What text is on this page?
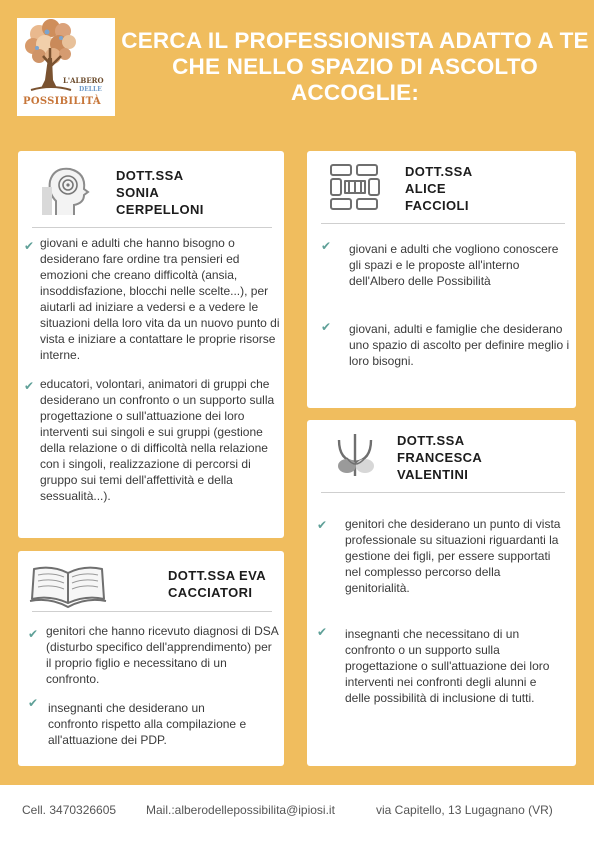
L'ALBERO
DELLE
POSSIBILITÀ
CERCA IL PROFESSIONISTA ADATTO A TE CHE NELLO SPAZIO DI ASCOLTO ACCOGLIE:
DOTT.SSA
SONIA
CERPELLONI
✔ giovani e adulti che hanno bisogno o desiderano fare ordine tra pensieri ed emozioni che creano difficoltà (ansia, insoddisfazione, blocchi nelle scelte...), per aiutarli ad iniziare a vedersi e a vedere le situazioni della loro vita da un nuovo punto di vista e iniziare a contattare le proprie risorse interne.
✔ educatori, volontari, animatori di gruppi che desiderano un confronto o un supporto sulla progettazione o sull'attuazione dei loro interventi sui singoli e sui gruppi (gestione della relazione o di difficoltà nella relazione con i singoli, realizzazione di percorsi di gruppo sui temi dell'affettività e della sessualità...).
DOTT.SSA
ALICE
FACCIOLI
✔ giovani e adulti che vogliono conoscere gli spazi e le proposte all'interno dell'Albero delle Possibilità
✔ giovani, adulti e famiglie che desiderano uno spazio di ascolto per definire meglio i loro bisogni.
DOTT.SSA
FRANCESCA
VALENTINI
✔ genitori che desiderano un punto di vista professionale su situazioni riguardanti la gestione dei figli, per essere supportati nel complesso percorso della genitorialità.
✔ insegnanti che necessitano di un confronto o un supporto sulla progettazione o sull'attuazione dei loro interventi nei confronti degli alunni e delle possibilità di inclusione di tutti.
DOTT.SSA EVA
CACCIATORI
✔ genitori che hanno ricevuto diagnosi di DSA (disturbo specifico dell'apprendimento) per il proprio figlio e necessitano di un confronto.
✔ insegnanti che desiderano un confronto rispetto alla compilazione e all'attuazione dei PDP.
Cell. 3470326605 Mail.:alberodellepossibilita@ipiosi.it	via Capitello, 13 Lugagnano (VR)
